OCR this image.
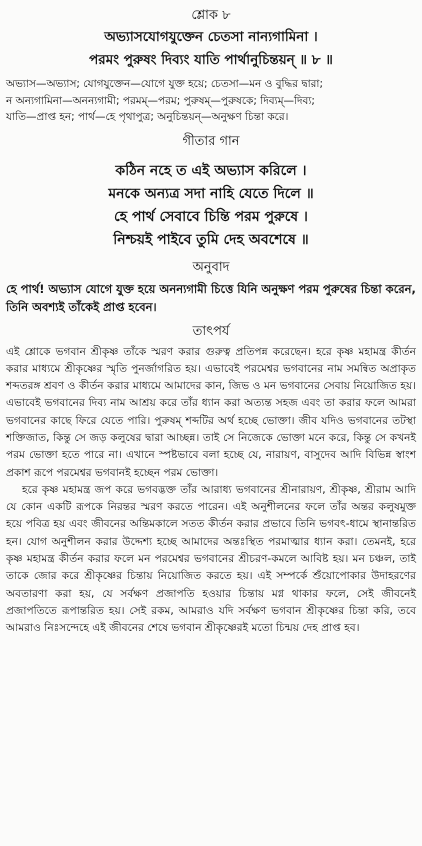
শ্লোক ৮
অভ্যাসযোগযুক্তেন চেতসা নান্যগামিনা ।
পরমং পুরুষং দিব্যং যাতি পার্থানুচিন্তয়ন্ ॥ ৮ ॥
অভ্যাস—অভ্যাস; যোগযুক্তেন—যোগে যুক্ত হয়ে; চেতসা—মন ও বুদ্ধির দ্বারা;
ন অন্যগামিনা—অনন্যগামী; পরমম্—পরম; পুরুষম্—পুরুষকে; দিব্যম্—দিব্য;
যাতি—প্রাপ্ত হন; পার্থ—হে পৃথাপুত্র; অনুচিন্তয়ন্—অনুক্ষণ চিন্তা করে।
গীতার গান
কঠিন নহে ত এই অভ্যাস করিলে ।
মনকে অন্যত্র সদা নাহি যেতে দিলে ॥
হে পার্থ সেবাবে চিন্তি পরম পুরুষে ।
নিশ্চয়ই পাইবে তুমি দেহ অবশেষে ॥
অনুবাদ
হে পার্থ! অভ্যাস যোগে যুক্ত হয়ে অনন্যগামী চিত্তে যিনি অনুক্ষণ পরম পুরুষের চিন্তা করেন, তিনি অবশ্যই তাঁকেই প্রাপ্ত হবেন।
তাৎপর্য

এই শ্লোকে ভগবান শ্রীকৃষ্ণ তাঁকে স্মরণ করার গুরুত্ব প্রতিপন্ন করেছেন। হরে কৃষ্ণ মহামন্ত্র কীর্তন করার মাধ্যমে শ্রীকৃষ্ণের স্মৃতি পুনর্জাগরিত হয়। এভাবেই পরমেশ্বর ভগবানের নাম সমন্বিত অপ্রাকৃত শব্দতরঙ্গ শ্রবণ ও কীর্তন করার মাধ্যমে আমাদের কান, জিভ ও মন ভগবানের সেবায় নিয়োজিত হয়। এভাবেই ভগবানের দিব্য নাম আশ্রয় করে তাঁর ধ্যান করা অত্যন্ত সহজ এবং তা করার ফলে আমরা ভগবানের কাছে ফিরে যেতে পারি। পুরুষম্ শব্দটির অর্থ হচ্ছে ভোক্তা। জীব যদিও ভগবানের তটস্থা শক্তিজাত, কিন্তু সে জড় কলুষের দ্বারা আচ্ছন্ন। তাই সে নিজেকে ভোক্তা মনে করে, কিন্তু সে কখনই পরম ভোক্তা হতে পারে না। এখানে স্পষ্টভাবে বলা হচ্ছে যে, নারায়ণ, বাসুদেব আদি বিভিন্ন স্বাংশ প্রকাশ রূপে পরমেশ্বর ভগবানই হচ্ছেন পরম ভোক্তা।

হরে কৃষ্ণ মহামন্ত্র জপ করে ভগবদ্ভক্ত তাঁর আরাধ্য ভগবানের শ্রীনারায়ণ, শ্রীকৃষ্ণ, শ্রীরাম আদি যে কোন একটি রূপকে নিরন্তর স্মরণ করতে পারেন। এই অনুশীলনের ফলে তাঁর অন্তর কলুষমুক্ত হয়ে পবিত্র হয় এবং জীবনের অন্তিমকালে সতত কীর্তন করার প্রভাবে তিনি ভগবৎ-ধামে স্থানান্তরিত হন। যোগ অনুশীলন করার উদ্দেশ্য হচ্ছে আমাদের অন্তঃস্থিত পরমাত্মার ধ্যান করা। তেমনই, হরে কৃষ্ণ মহামন্ত্র কীর্তন করার ফলে মন পরমেশ্বর ভগবানের শ্রীচরণ-কমলে আবিষ্ট হয়। মন চঞ্চল, তাই তাকে জোর করে শ্রীকৃষ্ণের চিন্তায় নিয়োজিত করতে হয়। এই সম্পর্কে শুঁয়োপোকার উদাহরণের অবতারণা করা হয়, যে সর্বক্ষণ প্রজাপতি হওয়ার চিন্তায় মগ্ন থাকার ফলে, সেই জীবনেই প্রজাপতিতে রূপান্তরিত হয়। সেই রকম, আমরাও যদি সর্বক্ষণ ভগবান শ্রীকৃষ্ণের চিন্তা করি, তবে আমরাও নিঃসন্দেহে এই জীবনের শেষে ভগবান শ্রীকৃষ্ণেরই মতো চিন্ময় দেহ প্রাপ্ত হব।
